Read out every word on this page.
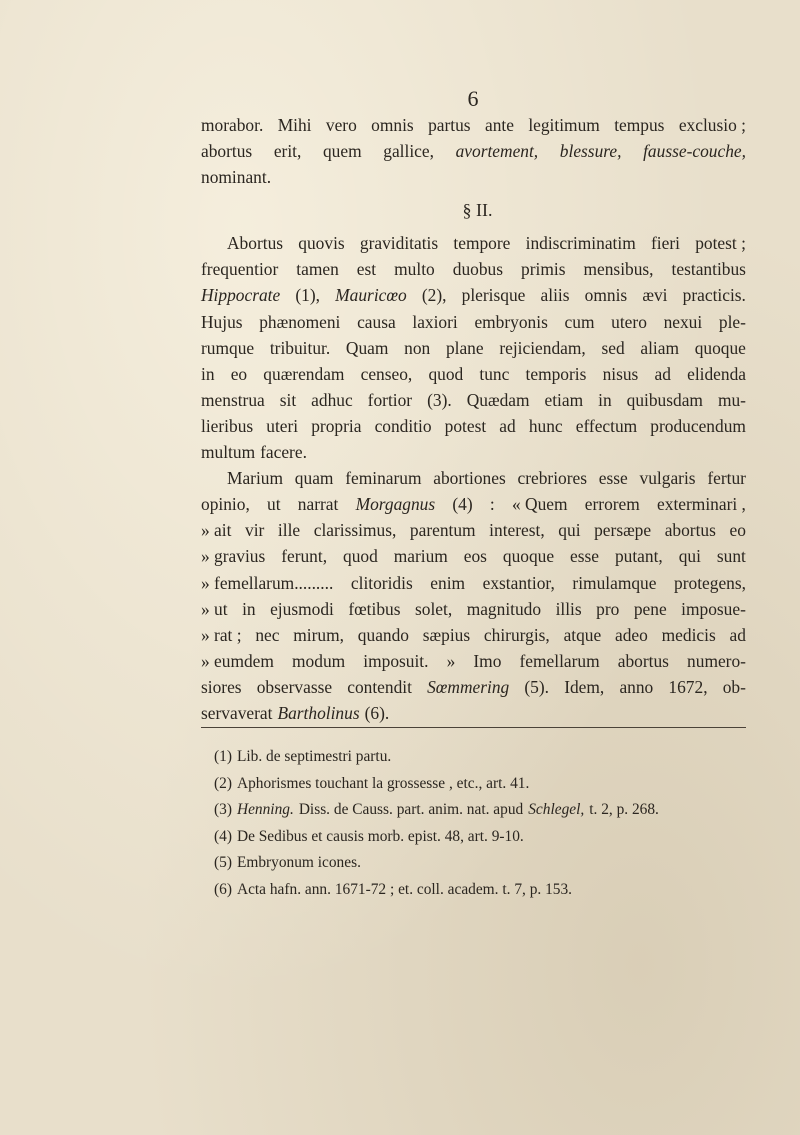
6
morabor. Mihi vero omnis partus ante legitimum tempus exclusio ;
abortus erit, quem gallice, avortement, blessure, fausse-couche,
nominant.
§ II.
Abortus quovis graviditatis tempore indiscriminatim fieri potest ;
frequentior tamen est multo duobus primis mensibus, testantibus
Hippocrate (1), Mauricœo (2), plerisque aliis omnis ævi practicis.
Hujus phænomeni causa laxiori embryonis cum utero nexui ple-
rumque tribuitur. Quam non plane rejiciendam, sed aliam quoque
in eo quærendam censeo, quod tunc temporis nisus ad elidenda
menstrua sit adhuc fortior (3). Quædam etiam in quibusdam mu-
lieribus uteri propria conditio potest ad hunc effectum producendum
multum facere.
Marium quam feminarum abortiones crebriores esse vulgaris fertur
opinio, ut narrat Morgagnus (4) : « Quem errorem exterminari ,
» ait vir ille clarissimus, parentum interest, qui persæpe abortus eo
» gravius ferunt, quod marium eos quoque esse putant, qui sunt
» femellarum......... clitoridis enim exstantior, rimulamque protegens,
» ut in ejusmodi fœtibus solet, magnitudo illis pro pene imposue-
» rat ; nec mirum, quando sæpius chirurgis, atque adeo medicis ad
» eumdem modum imposuit. » Imo femellarum abortus numero-
siores observasse contendit Sœmmering (5). Idem, anno 1672, ob-
servaverat Bartholinus (6).
(1) Lib. de septimestri partu.
(2) Aphorismes touchant la grossesse , etc., art. 41.
(3) Henning. Diss. de Causs. part. anim. nat. apud Schlegel, t. 2, p. 268.
(4) De Sedibus et causis morb. epist. 48, art. 9-10.
(5) Embryonum icones.
(6) Acta hafn. ann. 1671-72 ; et. coll. academ. t. 7, p. 153.
